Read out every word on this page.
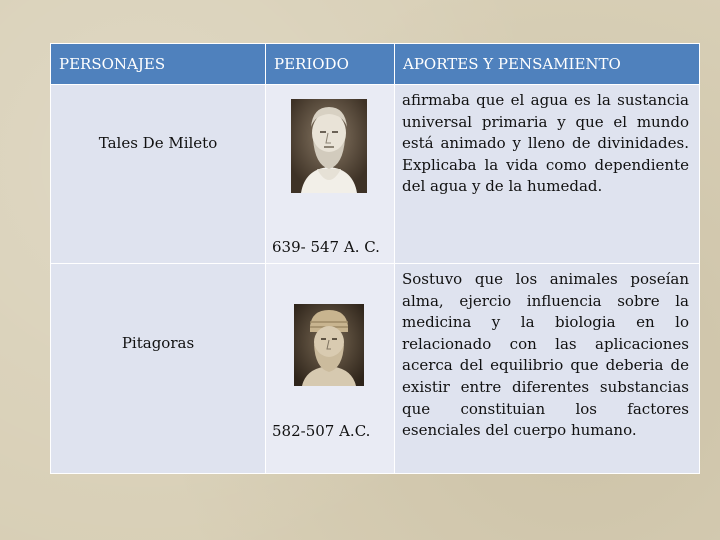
PERSONAJES	PERIODO	APORTES Y PENSAMIENTO

Tales De Mileto	639- 547 A. C.	afirmaba que el agua es la sustancia universal primaria y que el mundo está animado y lleno de divinidades. Explicaba la vida como dependiente del agua y de la humedad.

Pitagoras	582-507 A.C.	Sostuvo que los animales poseían alma, ejercio influencia sobre la medicina y la biologia en lo relacionado con las aplicaciones acerca del equilibrio que deberia de existir entre diferentes substancias que constituian los factores esenciales del cuerpo humano.
